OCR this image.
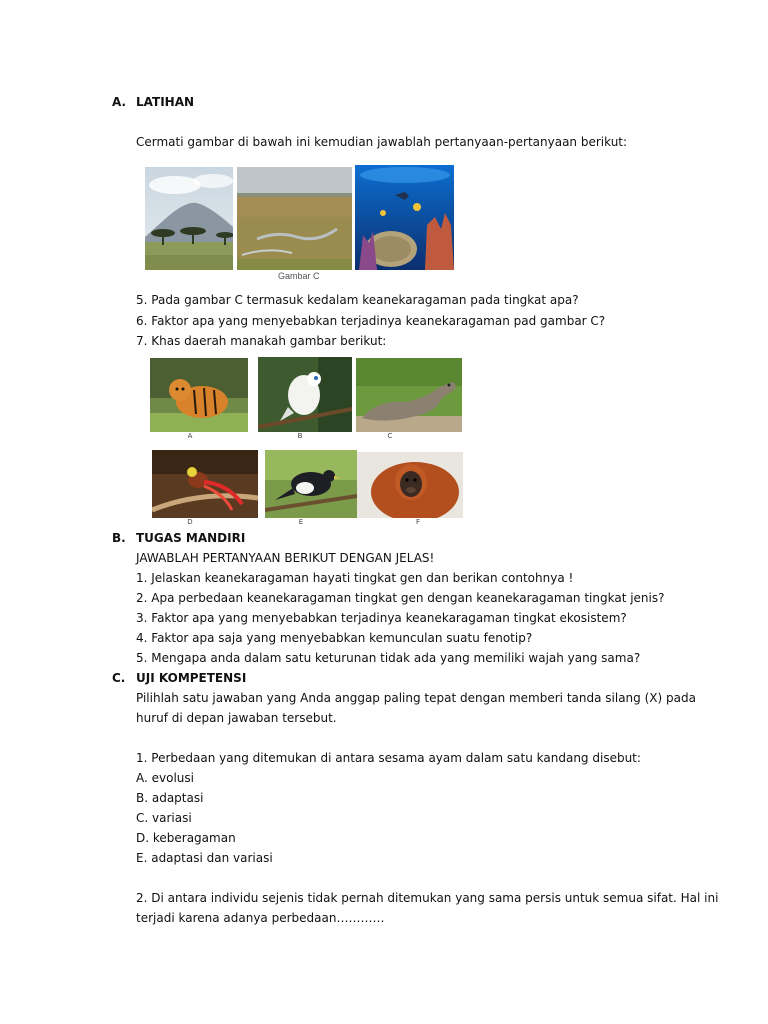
A. LATIHAN
Cermati gambar di bawah ini kemudian jawablah pertanyaan-pertanyaan berikut:
Gambar C
5. Pada gambar C termasuk kedalam keanekaragaman pada tingkat apa?
6. Faktor apa yang menyebabkan terjadinya keanekaragaman pad gambar C?
7. Khas daerah manakah gambar berikut:
A	B	C
D	E	F
B. TUGAS MANDIRI
JAWABLAH PERTANYAAN BERIKUT DENGAN JELAS!
1. Jelaskan keanekaragaman hayati tingkat gen dan berikan contohnya !
2. Apa perbedaan keanekaragaman tingkat gen dengan keanekaragaman tingkat jenis?
3. Faktor apa yang menyebabkan terjadinya keanekaragaman tingkat ekosistem?
4. Faktor apa saja yang menyebabkan kemunculan suatu fenotip?
5. Mengapa anda dalam satu keturunan tidak ada yang memiliki wajah yang sama?
C. UJI KOMPETENSI
Pilihlah satu jawaban yang Anda anggap paling tepat dengan memberi tanda silang (X) pada
huruf di depan jawaban tersebut.
1. Perbedaan yang ditemukan di antara sesama ayam dalam satu kandang disebut:
A. evolusi
B. adaptasi
C. variasi
D. keberagaman
E. adaptasi dan variasi
2. Di antara individu sejenis tidak pernah ditemukan yang sama persis untuk semua sifat. Hal ini
terjadi karena adanya perbedaan…………
